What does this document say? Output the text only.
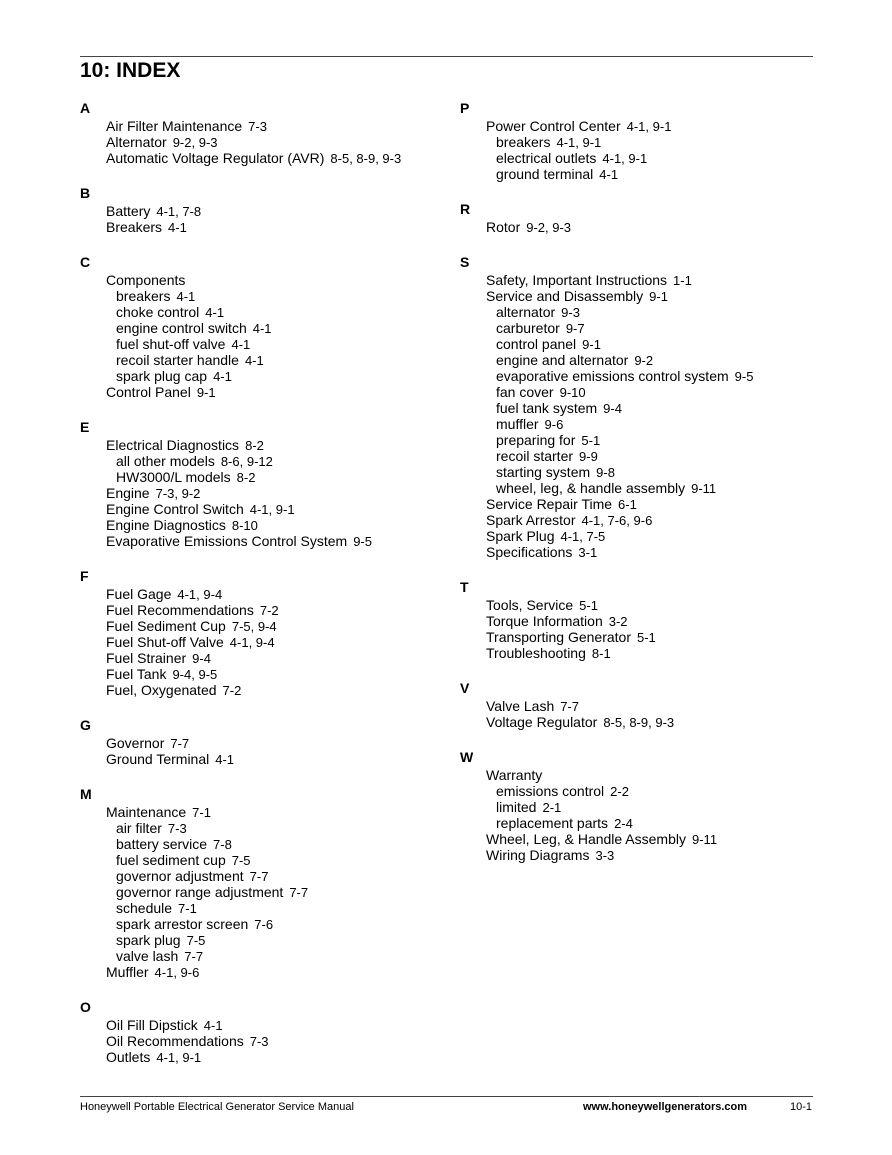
10: INDEX
A
Air Filter Maintenance 7-3
Alternator 9-2, 9-3
Automatic Voltage Regulator (AVR) 8-5, 8-9, 9-3
B
Battery 4-1, 7-8
Breakers 4-1
C
Components
breakers 4-1
choke control 4-1
engine control switch 4-1
fuel shut-off valve 4-1
recoil starter handle 4-1
spark plug cap 4-1
Control Panel 9-1
E
Electrical Diagnostics 8-2
all other models 8-6, 9-12
HW3000/L models 8-2
Engine 7-3, 9-2
Engine Control Switch 4-1, 9-1
Engine Diagnostics 8-10
Evaporative Emissions Control System 9-5
F
Fuel Gage 4-1, 9-4
Fuel Recommendations 7-2
Fuel Sediment Cup 7-5, 9-4
Fuel Shut-off Valve 4-1, 9-4
Fuel Strainer 9-4
Fuel Tank 9-4, 9-5
Fuel, Oxygenated 7-2
G
Governor 7-7
Ground Terminal 4-1
M
Maintenance 7-1
air filter 7-3
battery service 7-8
fuel sediment cup 7-5
governor adjustment 7-7
governor range adjustment 7-7
schedule 7-1
spark arrestor screen 7-6
spark plug 7-5
valve lash 7-7
Muffler 4-1, 9-6
O
Oil Fill Dipstick 4-1
Oil Recommendations 7-3
Outlets 4-1, 9-1
P
Power Control Center 4-1, 9-1
breakers 4-1, 9-1
electrical outlets 4-1, 9-1
ground terminal 4-1
R
Rotor 9-2, 9-3
S
Safety, Important Instructions 1-1
Service and Disassembly 9-1
alternator 9-3
carburetor 9-7
control panel 9-1
engine and alternator 9-2
evaporative emissions control system 9-5
fan cover 9-10
fuel tank system 9-4
muffler 9-6
preparing for 5-1
recoil starter 9-9
starting system 9-8
wheel, leg, & handle assembly 9-11
Service Repair Time 6-1
Spark Arrestor 4-1, 7-6, 9-6
Spark Plug 4-1, 7-5
Specifications 3-1
T
Tools, Service 5-1
Torque Information 3-2
Transporting Generator 5-1
Troubleshooting 8-1
V
Valve Lash 7-7
Voltage Regulator 8-5, 8-9, 9-3
W
Warranty
emissions control 2-2
limited 2-1
replacement parts 2-4
Wheel, Leg, & Handle Assembly 9-11
Wiring Diagrams 3-3
Honeywell Portable Electrical Generator Service Manual	www.honeywellgenerators.com	10-1
